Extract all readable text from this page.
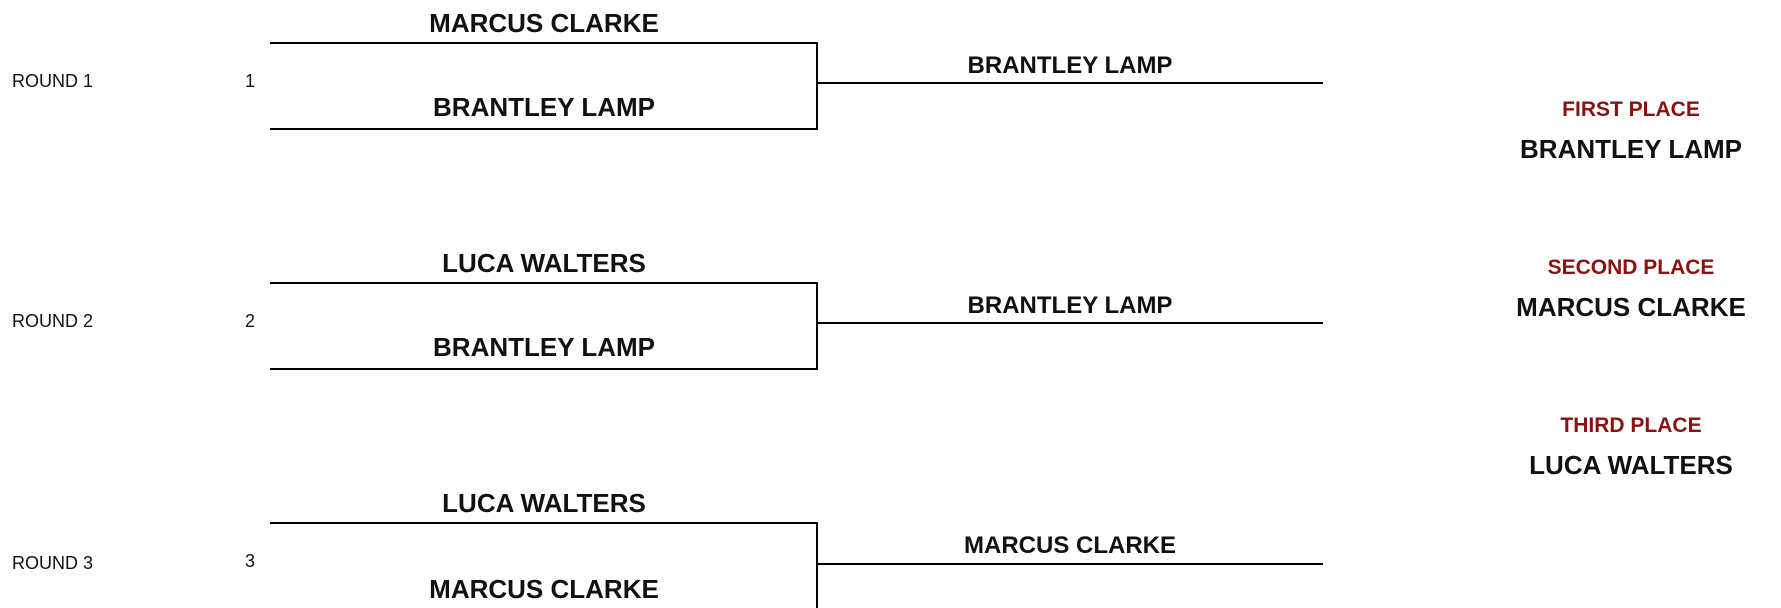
ROUND 1	1
MARCUS CLARKE
BRANTLEY LAMP
BRANTLEY LAMP
ROUND 2	2
LUCA WALTERS
BRANTLEY LAMP
BRANTLEY LAMP
ROUND 3	3
LUCA WALTERS
MARCUS CLARKE
MARCUS CLARKE
FIRST PLACE
BRANTLEY LAMP
SECOND PLACE
MARCUS CLARKE
THIRD PLACE
LUCA WALTERS
